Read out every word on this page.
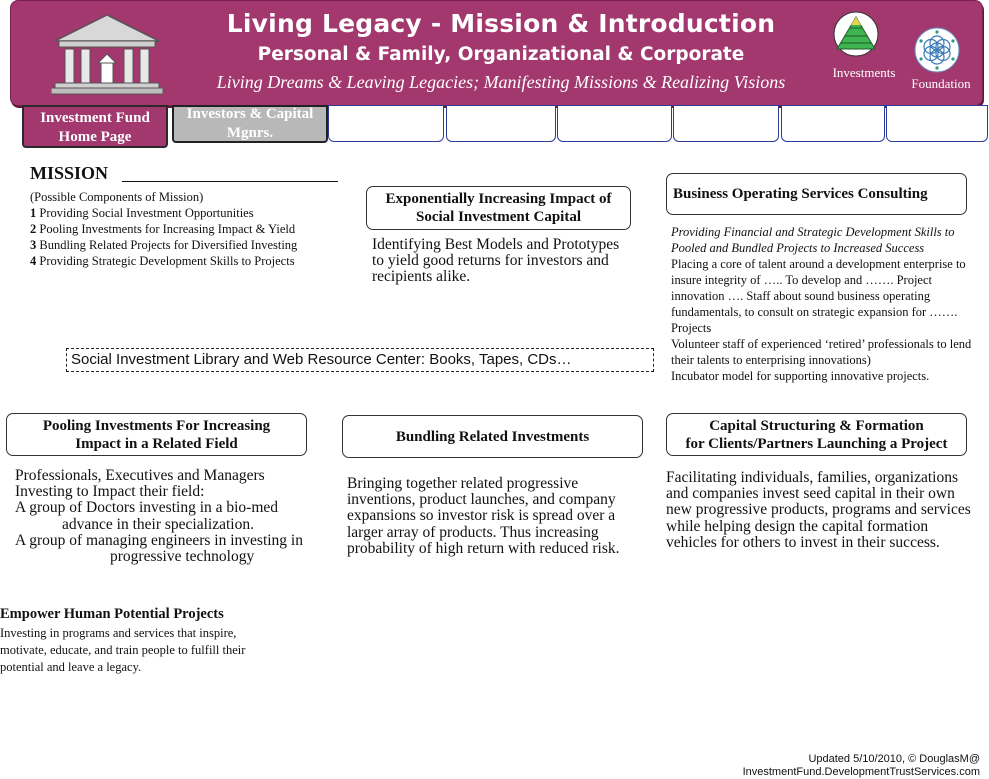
Living Legacy - Mission & Introduction
Personal & Family, Organizational & Corporate
Living Dreams & Leaving Legacies; Manifesting Missions & Realizing Visions	Investments
Foundation
Investment Fund Home Page
Investors & Capital Mgnrs.
MISSION
(Possible Components of Mission)
1 Providing Social Investment Opportunities
2 Pooling Investments for Increasing Impact & Yield
3 Bundling Related Projects for Diversified Investing
4 Providing Strategic Development Skills to Projects
Exponentially Increasing Impact of
Social Investment Capital
Identifying Best Models and Prototypes to yield good returns for investors and recipients alike.
Business Operating Services Consulting
Providing Financial and Strategic Development Skills to Pooled and Bundled Projects to Increased Success
Placing a core of talent around a development enterprise to insure integrity of ….. To develop and ……. Project innovation …. Staff about sound business operating fundamentals, to consult on strategic expansion for ……. Projects
Volunteer staff of experienced ‘retired’ professionals to lend their talents to enterprising innovations)
Incubator model for supporting innovative projects.
Social Investment Library and Web Resource Center: Books, Tapes, CDs…
Pooling Investments For Increasing
Impact in a Related Field
Professionals, Executives and Managers
Investing to Impact their field:
A group of Doctors investing in a bio-med
advance in their specialization.
A group of managing engineers in investing in
progressive technology
Bundling Related Investments
Bringing together related progressive inventions, product launches, and company expansions so investor risk is spread over a larger array of products. Thus increasing probability of high return with reduced risk.
Capital Structuring & Formation
for Clients/Partners Launching a Project
Facilitating individuals, families, organizations and companies invest seed capital in their own new progressive products, programs and services while helping design the capital formation vehicles for others to invest in their success.
Empower Human Potential Projects
Investing in programs and services that inspire, motivate, educate, and train people to fulfill their potential and leave a legacy.
Updated 5/10/2010, © DouglasM@
InvestmentFund.DevelopmentTrustServices.com
